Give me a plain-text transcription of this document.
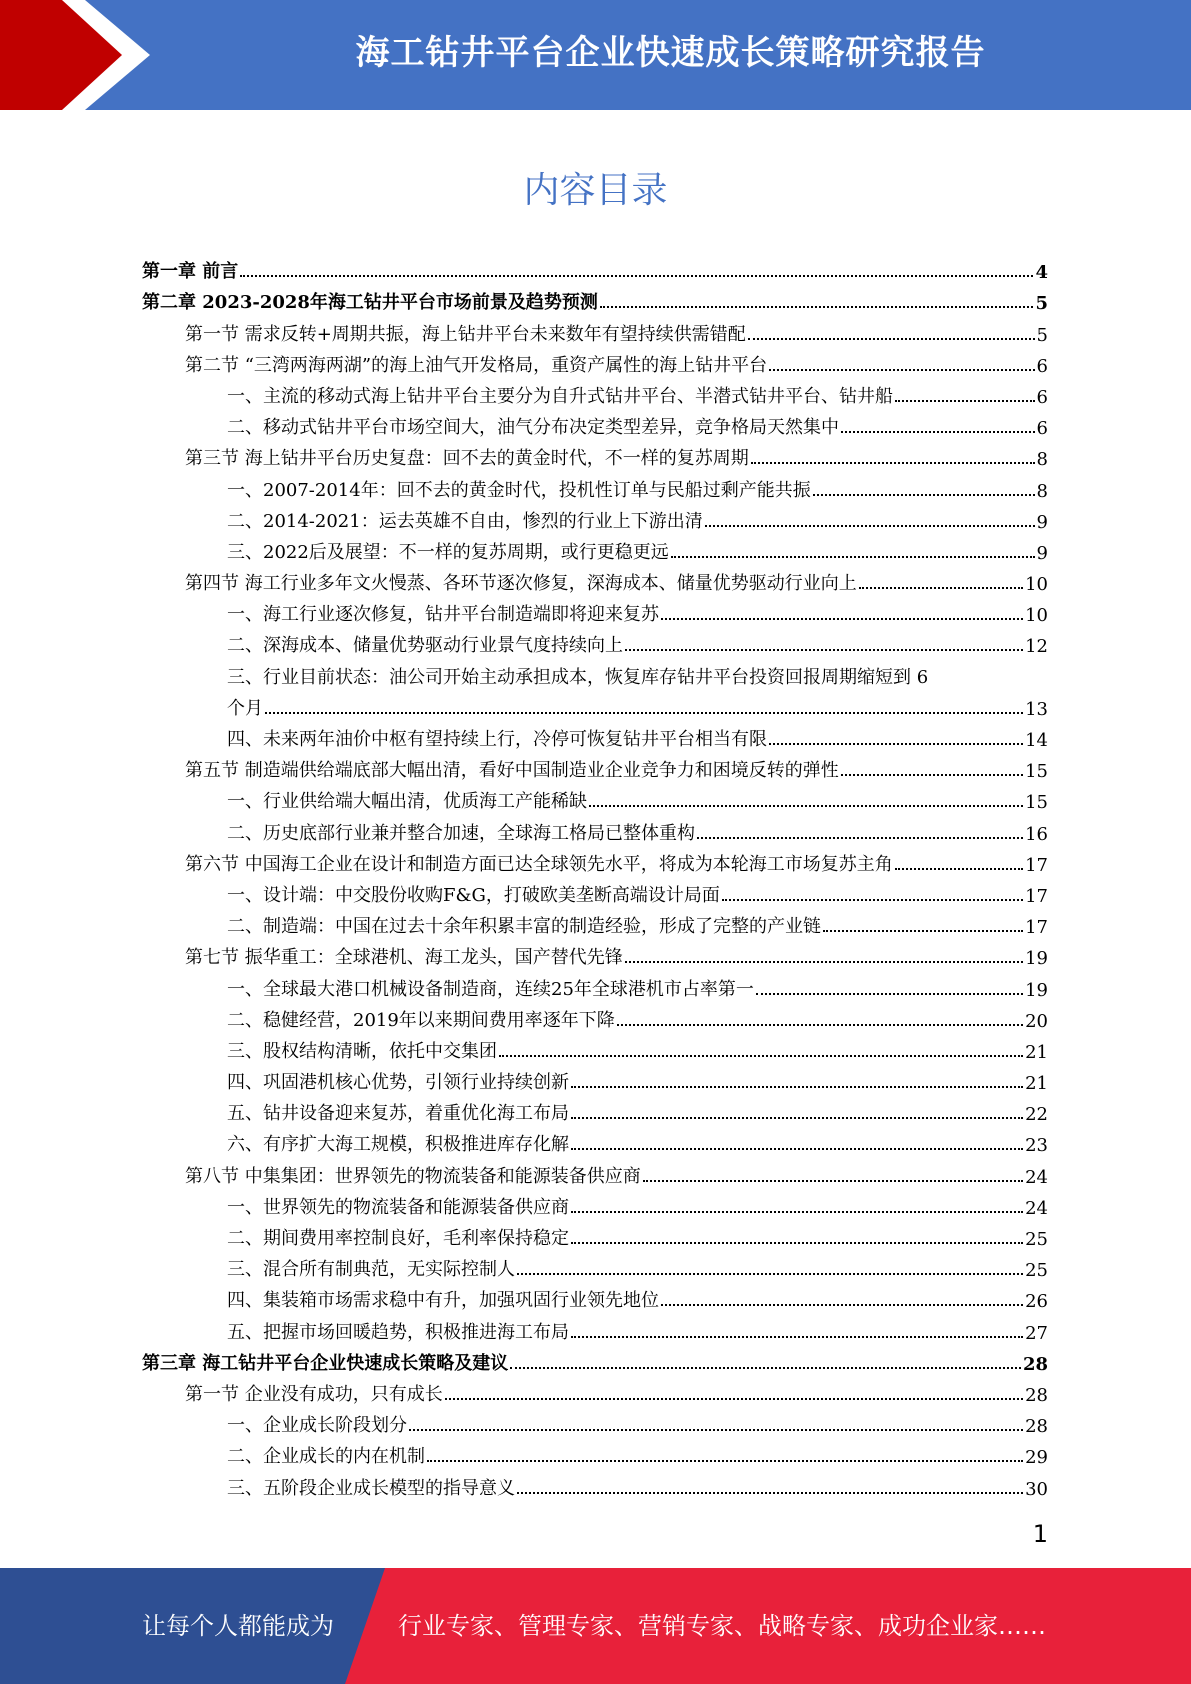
海工钻井平台企业快速成长策略研究报告
内容目录
第一章 前言	4
第二章 2023-2028年海工钻井平台市场前景及趋势预测	5
第一节 需求反转+周期共振，海上钻井平台未来数年有望持续供需错配	5
第二节 “三湾两海两湖”的海上油气开发格局，重资产属性的海上钻井平台	6
一、主流的移动式海上钻井平台主要分为自升式钻井平台、半潜式钻井平台、钻井船	6
二、移动式钻井平台市场空间大，油气分布决定类型差异，竞争格局天然集中	6
第三节 海上钻井平台历史复盘：回不去的黄金时代，不一样的复苏周期	8
一、2007-2014年：回不去的黄金时代，投机性订单与民船过剩产能共振	8
二、2014-2021：运去英雄不自由，惨烈的行业上下游出清	9
三、2022后及展望：不一样的复苏周期，或行更稳更远	9
第四节 海工行业多年文火慢蒸、各环节逐次修复，深海成本、储量优势驱动行业向上	10
一、海工行业逐次修复，钻井平台制造端即将迎来复苏	10
二、深海成本、储量优势驱动行业景气度持续向上	12
三、行业目前状态：油公司开始主动承担成本，恢复库存钻井平台投资回报周期缩短到 6
个月	13
四、未来两年油价中枢有望持续上行，冷停可恢复钻井平台相当有限	14
第五节 制造端供给端底部大幅出清，看好中国制造业企业竞争力和困境反转的弹性	15
一、行业供给端大幅出清，优质海工产能稀缺	15
二、历史底部行业兼并整合加速，全球海工格局已整体重构	16
第六节 中国海工企业在设计和制造方面已达全球领先水平，将成为本轮海工市场复苏主角	17
一、设计端：中交股份收购F&G，打破欧美垄断高端设计局面	17
二、制造端：中国在过去十余年积累丰富的制造经验，形成了完整的产业链	17
第七节 振华重工：全球港机、海工龙头，国产替代先锋	19
一、全球最大港口机械设备制造商，连续25年全球港机市占率第一	19
二、稳健经营，2019年以来期间费用率逐年下降	20
三、股权结构清晰，依托中交集团	21
四、巩固港机核心优势，引领行业持续创新	21
五、钻井设备迎来复苏，着重优化海工布局	22
六、有序扩大海工规模，积极推进库存化解	23
第八节 中集集团：世界领先的物流装备和能源装备供应商	24
一、世界领先的物流装备和能源装备供应商	24
二、期间费用率控制良好，毛利率保持稳定	25
三、混合所有制典范，无实际控制人	25
四、集装箱市场需求稳中有升，加强巩固行业领先地位	26
五、把握市场回暖趋势，积极推进海工布局	27
第三章 海工钻井平台企业快速成长策略及建议	28
第一节 企业没有成功，只有成长	28
一、企业成长阶段划分	28
二、企业成长的内在机制	29
三、五阶段企业成长模型的指导意义	30
1
让每个人都能成为	行业专家、管理专家、营销专家、战略专家、成功企业家……
